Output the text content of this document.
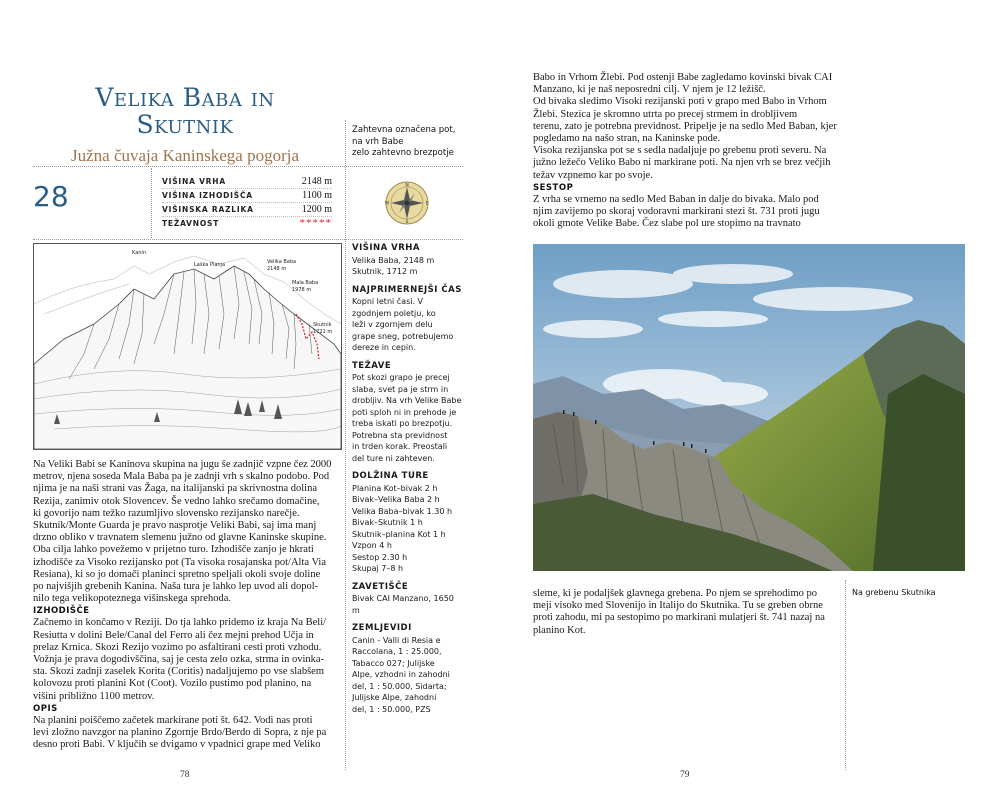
Velika Baba in
Skutnik
Južna čuvaja Kaninskega pogorja
Zahtevna označena pot,
na vrh Babe
zelo zahtevno brezpotje
28	VIŠINA VRHA	2148 m
VIŠINA IZHODIŠČA	1100 m
VIŠINSKA RAZLIKA	1200 m
TEŽAVNOST	*****
N
S
W	E
Kanin
Laška Planja	Velika Baba
2148 m
Mala Baba
1978 m
Skutnik
1721 m

Na Veliki Babi se Kaninova skupina na jugu še zadnjič vzpne čez 2000

metrov, njena soseda Mala Baba pa je zadnji vrh s skalno podobo. Pod

njima je na naši strani vas Žaga, na italijanski pa skrivnostna dolina

Rezija, zanimiv otok Slovencev. Še vedno lahko srečamo domačine,

ki govorijo nam težko razumljivo slovensko rezijansko narečje.

Skutnik/Monte Guarda je pravo nasprotje Veliki Babi, saj ima manj

drzno obliko v travnatem slemenu južno od glavne Kaninske skupine.

Oba cilja lahko povežemo v prijetno turo. Izhodišče zanjo je hkrati

izhodišče za Visoko rezijansko pot (Ta visoka rosajanska pot/Alta Via

Resiana), ki so jo domači planinci spretno speljali okoli svoje doline

po najvišjih grebenih Kanina. Naša tura je lahko lep uvod ali dopol-

nilo tega velikopoteznega višinskega sprehoda.

IZHODIŠČE

Začnemo in končamo v Reziji. Do tja lahko pridemo iz kraja Na Beli/

Resiutta v dolini Bele/Canal del Ferro ali čez mejni prehod Učja in

prelaz Krnica. Skozi Rezijo vozimo po asfaltirani cesti proti vzhodu.

Vožnja je prava dogodivščina, saj je cesta zelo ozka, strma in ovinka-

sta. Skozi zadnji zaselek Korita (Coritis) nadaljujemo po vse slabšem

kolovozu proti planini Kot (Coot). Vozilo pustimo pod planino, na

višini približno 1100 metrov.

OPIS

Na planini poiščemo začetek markirane poti št. 642. Vodi nas proti

levi zložno navzgor na planino Zgornje Brdo/Berdo di Sopra, z nje pa

desno proti Babi. V ključih se dvigamo v vpadnici grape med Veliko

VIŠINA VRHA
Velika Baba, 2148 m
Skutnik, 1712 m
NAJPRIMERNEJŠI ČAS
Kopni letni časi. V
zgodnjem poletju, ko
leži v zgornjem delu
grape sneg, potrebujemo
dereze in cepin.
TEŽAVE
Pot skozi grapo je precej
slaba, svet pa je strm in
drobljiv. Na vrh Velike Babe
poti sploh ni in prehode je
treba iskati po brezpotju.
Potrebna sta previdnost
in trden korak. Preostali
del ture ni zahteven.
DOLŽINA TURE
Planina Kot–bivak 2 h
Bivak–Velika Baba 2 h
Velika Baba–bivak 1.30 h
Bivak–Skutnik 1 h
Skutnik–planina Kot 1 h
Vzpon 4 h
Sestop 2.30 h
Skupaj 7–8 h
ZAVETIŠČE
Bivak CAI Manzano, 1650 m
ZEMLJEVIDI
Canin - Valli di Resia e
Raccolana, 1 : 25.000,
Tabacco 027; Julijske
Alpe, vzhodni in zahodni
del, 1 : 50.000, Sidarta;
Julijske Alpe, zahodni
del, 1 : 50.000, PZS
78

Babo in Vrhom Žlebi. Pod ostenji Babe zagledamo kovinski bivak CAI

Manzano, ki je naš neposredni cilj. V njem je 12 ležišč.

Od bivaka sledimo Visoki rezijanski poti v grapo med Babo in Vrhom

Žlebi. Stezica je skromno utrta po precej strmem in drobljivem

terenu, zato je potrebna previdnost. Pripeljе je na sedlo Med Baban, kjer

pogledamo na našo stran, na Kaninske pode.

Visoka rezijanska pot se s sedla nadaljuje po grebenu proti severu. Na

južno ležečo Veliko Babo ni markirane poti. Na njen vrh se brez večjih

težav vzpnemo kar po svoje.

SESTOP

Z vrha se vrnemo na sedlo Med Baban in dalje do bivaka. Malo pod

njim zavijemo po skoraj vodoravni markirani stezi št. 731 proti jugu

okoli gmote Velike Babe. Čez slabe pol ure stopimo na travnato

sleme, ki je podaljšek glavnega grebena. Po njem se sprehodimo po

meji visoko med Slovenijo in Italijo do Skutnika. Tu se greben obrne

proti zahodu, mi pa sestopimo po markirani mulatjeri št. 741 nazaj na

planino Kot.

Na grebenu Skutnika
79
